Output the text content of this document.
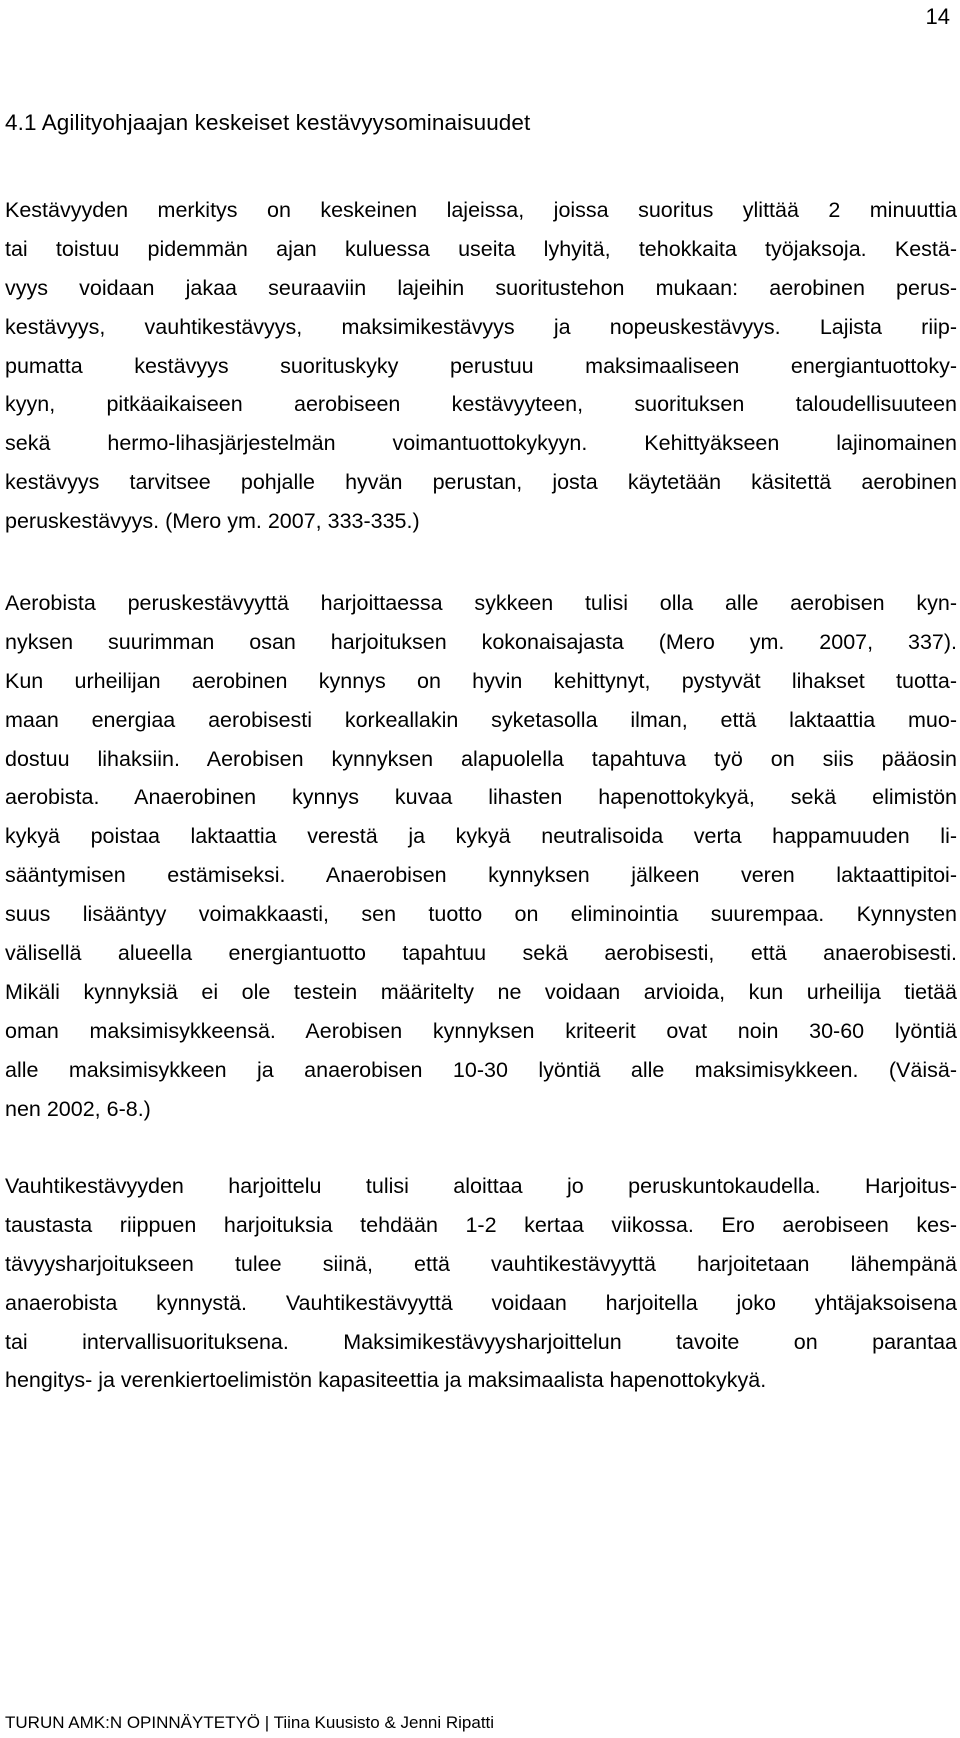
14
4.1 Agilityohjaajan keskeiset kestävyysominaisuudet

Kestävyyden merkitys on keskeinen lajeissa, joissa suoritus ylittää 2 minuuttia
tai toistuu pidemmän ajan kuluessa useita lyhyitä, tehokkaita työjaksoja. Kestä-
vyys voidaan jakaa seuraaviin lajeihin suoritustehon mukaan: aerobinen perus-
kestävyys, vauhtikestävyys, maksimikestävyys ja nopeuskestävyys. Lajista riip-
pumatta kestävyys suorituskyky perustuu maksimaaliseen energiantuottoky-
kyyn, pitkäaikaiseen aerobiseen kestävyyteen, suorituksen taloudellisuuteen
sekä hermo-lihasjärjestelmän voimantuottokykyyn. Kehittyäkseen lajinomainen
kestävyys tarvitsee pohjalle hyvän perustan, josta käytetään käsitettä aerobinen
peruskestävyys. (Mero ym. 2007, 333-335.)

Aerobista peruskestävyyttä harjoittaessa sykkeen tulisi olla alle aerobisen kyn-
nyksen suurimman osan harjoituksen kokonaisajasta (Mero ym. 2007, 337).
Kun urheilijan aerobinen kynnys on hyvin kehittynyt, pystyvät lihakset tuotta-
maan energiaa aerobisesti korkeallakin syketasolla ilman, että laktaattia muo-
dostuu lihaksiin. Aerobisen kynnyksen alapuolella tapahtuva työ on siis pääosin
aerobista. Anaerobinen kynnys kuvaa lihasten hapenottokykyä, sekä elimistön
kykyä poistaa laktaattia verestä ja kykyä neutralisoida verta happamuuden li-
sääntymisen estämiseksi. Anaerobisen kynnyksen jälkeen veren laktaattipitoi-
suus lisääntyy voimakkaasti, sen tuotto on eliminointia suurempaa. Kynnysten
välisellä alueella energiantuotto tapahtuu sekä aerobisesti, että anaerobisesti.
Mikäli kynnyksiä ei ole testein määritelty ne voidaan arvioida, kun urheilija tietää
oman maksimisykkeensä. Aerobisen kynnyksen kriteerit ovat noin 30-60 lyöntiä
alle maksimisykkeen ja anaerobisen 10-30 lyöntiä alle maksimisykkeen. (Väisä-
nen 2002, 6-8.)

Vauhtikestävyyden harjoittelu tulisi aloittaa jo peruskuntokaudella. Harjoitus-
taustasta riippuen harjoituksia tehdään 1-2 kertaa viikossa. Ero aerobiseen kes-
tävyysharjoitukseen tulee siinä, että vauhtikestävyyttä harjoitetaan lähempänä
anaerobista kynnystä. Vauhtikestävyyttä voidaan harjoitella joko yhtäjaksoisena
tai intervallisuorituksena. Maksimikestävyysharjoittelun tavoite on parantaa
hengitys- ja verenkiertoelimistön kapasiteettia ja maksimaalista hapenottokykyä.

TURUN AMK:N OPINNÄYTETYÖ | Tiina Kuusisto & Jenni Ripatti
